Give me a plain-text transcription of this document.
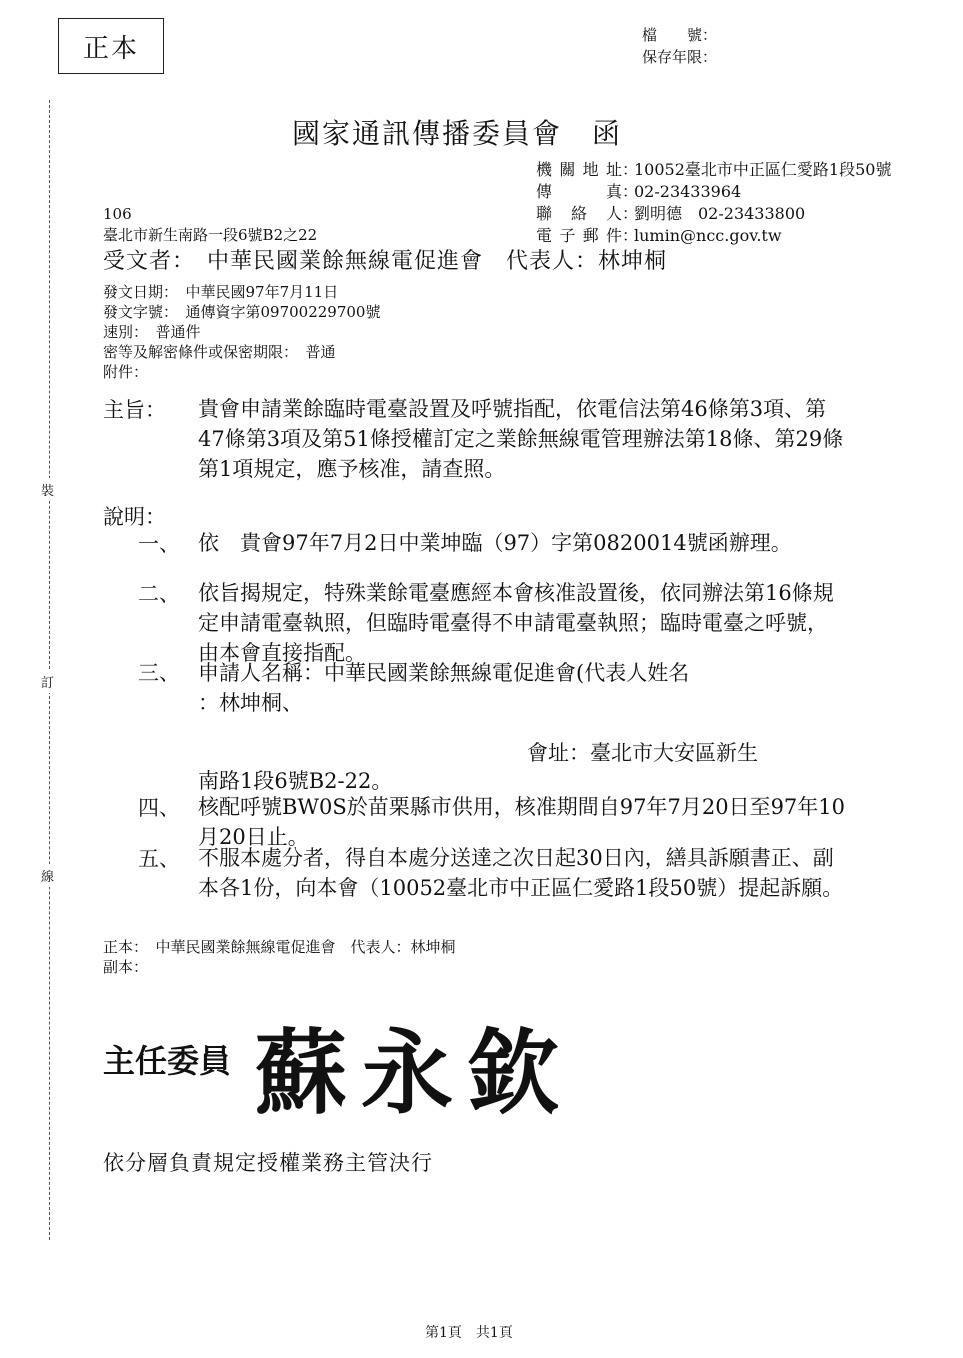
正本	檔　　號：
保存年限：
裝
訂
線
國家通訊傳播委員會　函
機關地址 ：
10052臺北市中正區仁愛路1段50號
傳　真 ：
02-23433964
聯絡人 ：
劉明德　02-23433800
電子郵件 ：
lumin@ncc.gov.tw
106
臺北市新生南路一段6號B2之22
受文者：　中華民國業餘無線電促進會　代表人：林坤桐
發文日期：　中華民國97年7月11日
發文字號：　通傳資字第09700229700號
速別：　普通件
密等及解密條件或保密期限：　普通
附件：
主旨： 貴會申請業餘臨時電臺設置及呼號指配，依電信法第46條第3項、第47條第3項及第51條授權訂定之業餘無線電管理辦法第18條、第29條第1項規定，應予核准，請查照。
說明：
一、 依　貴會97年7月2日中業坤臨（97）字第0820014號函辦理。
二、 依旨揭規定，特殊業餘電臺應經本會核准設置後，依同辦法第16條規定申請電臺執照，但臨時電臺得不申請電臺執照；臨時電臺之呼號，由本會直接指配。
三、 申請人名稱：中華民國業餘無線電促進會(代表人姓名
：林坤桐、
會址：臺北市大安區新生
南路1段6號B2-22。
四、 核配呼號BW0S於苗栗縣市供用，核准期間自97年7月20日至97年10月20日止。
五、 不服本處分者，得自本處分送達之次日起30日內，繕具訴願書正、副本各1份，向本會（10052臺北市中正區仁愛路1段50號）提起訴願。
正本：　中華民國業餘無線電促進會　代表人：林坤桐
副本：
主任委員 蘇永欽
依分層負責規定授權業務主管決行
第1頁　共1頁
